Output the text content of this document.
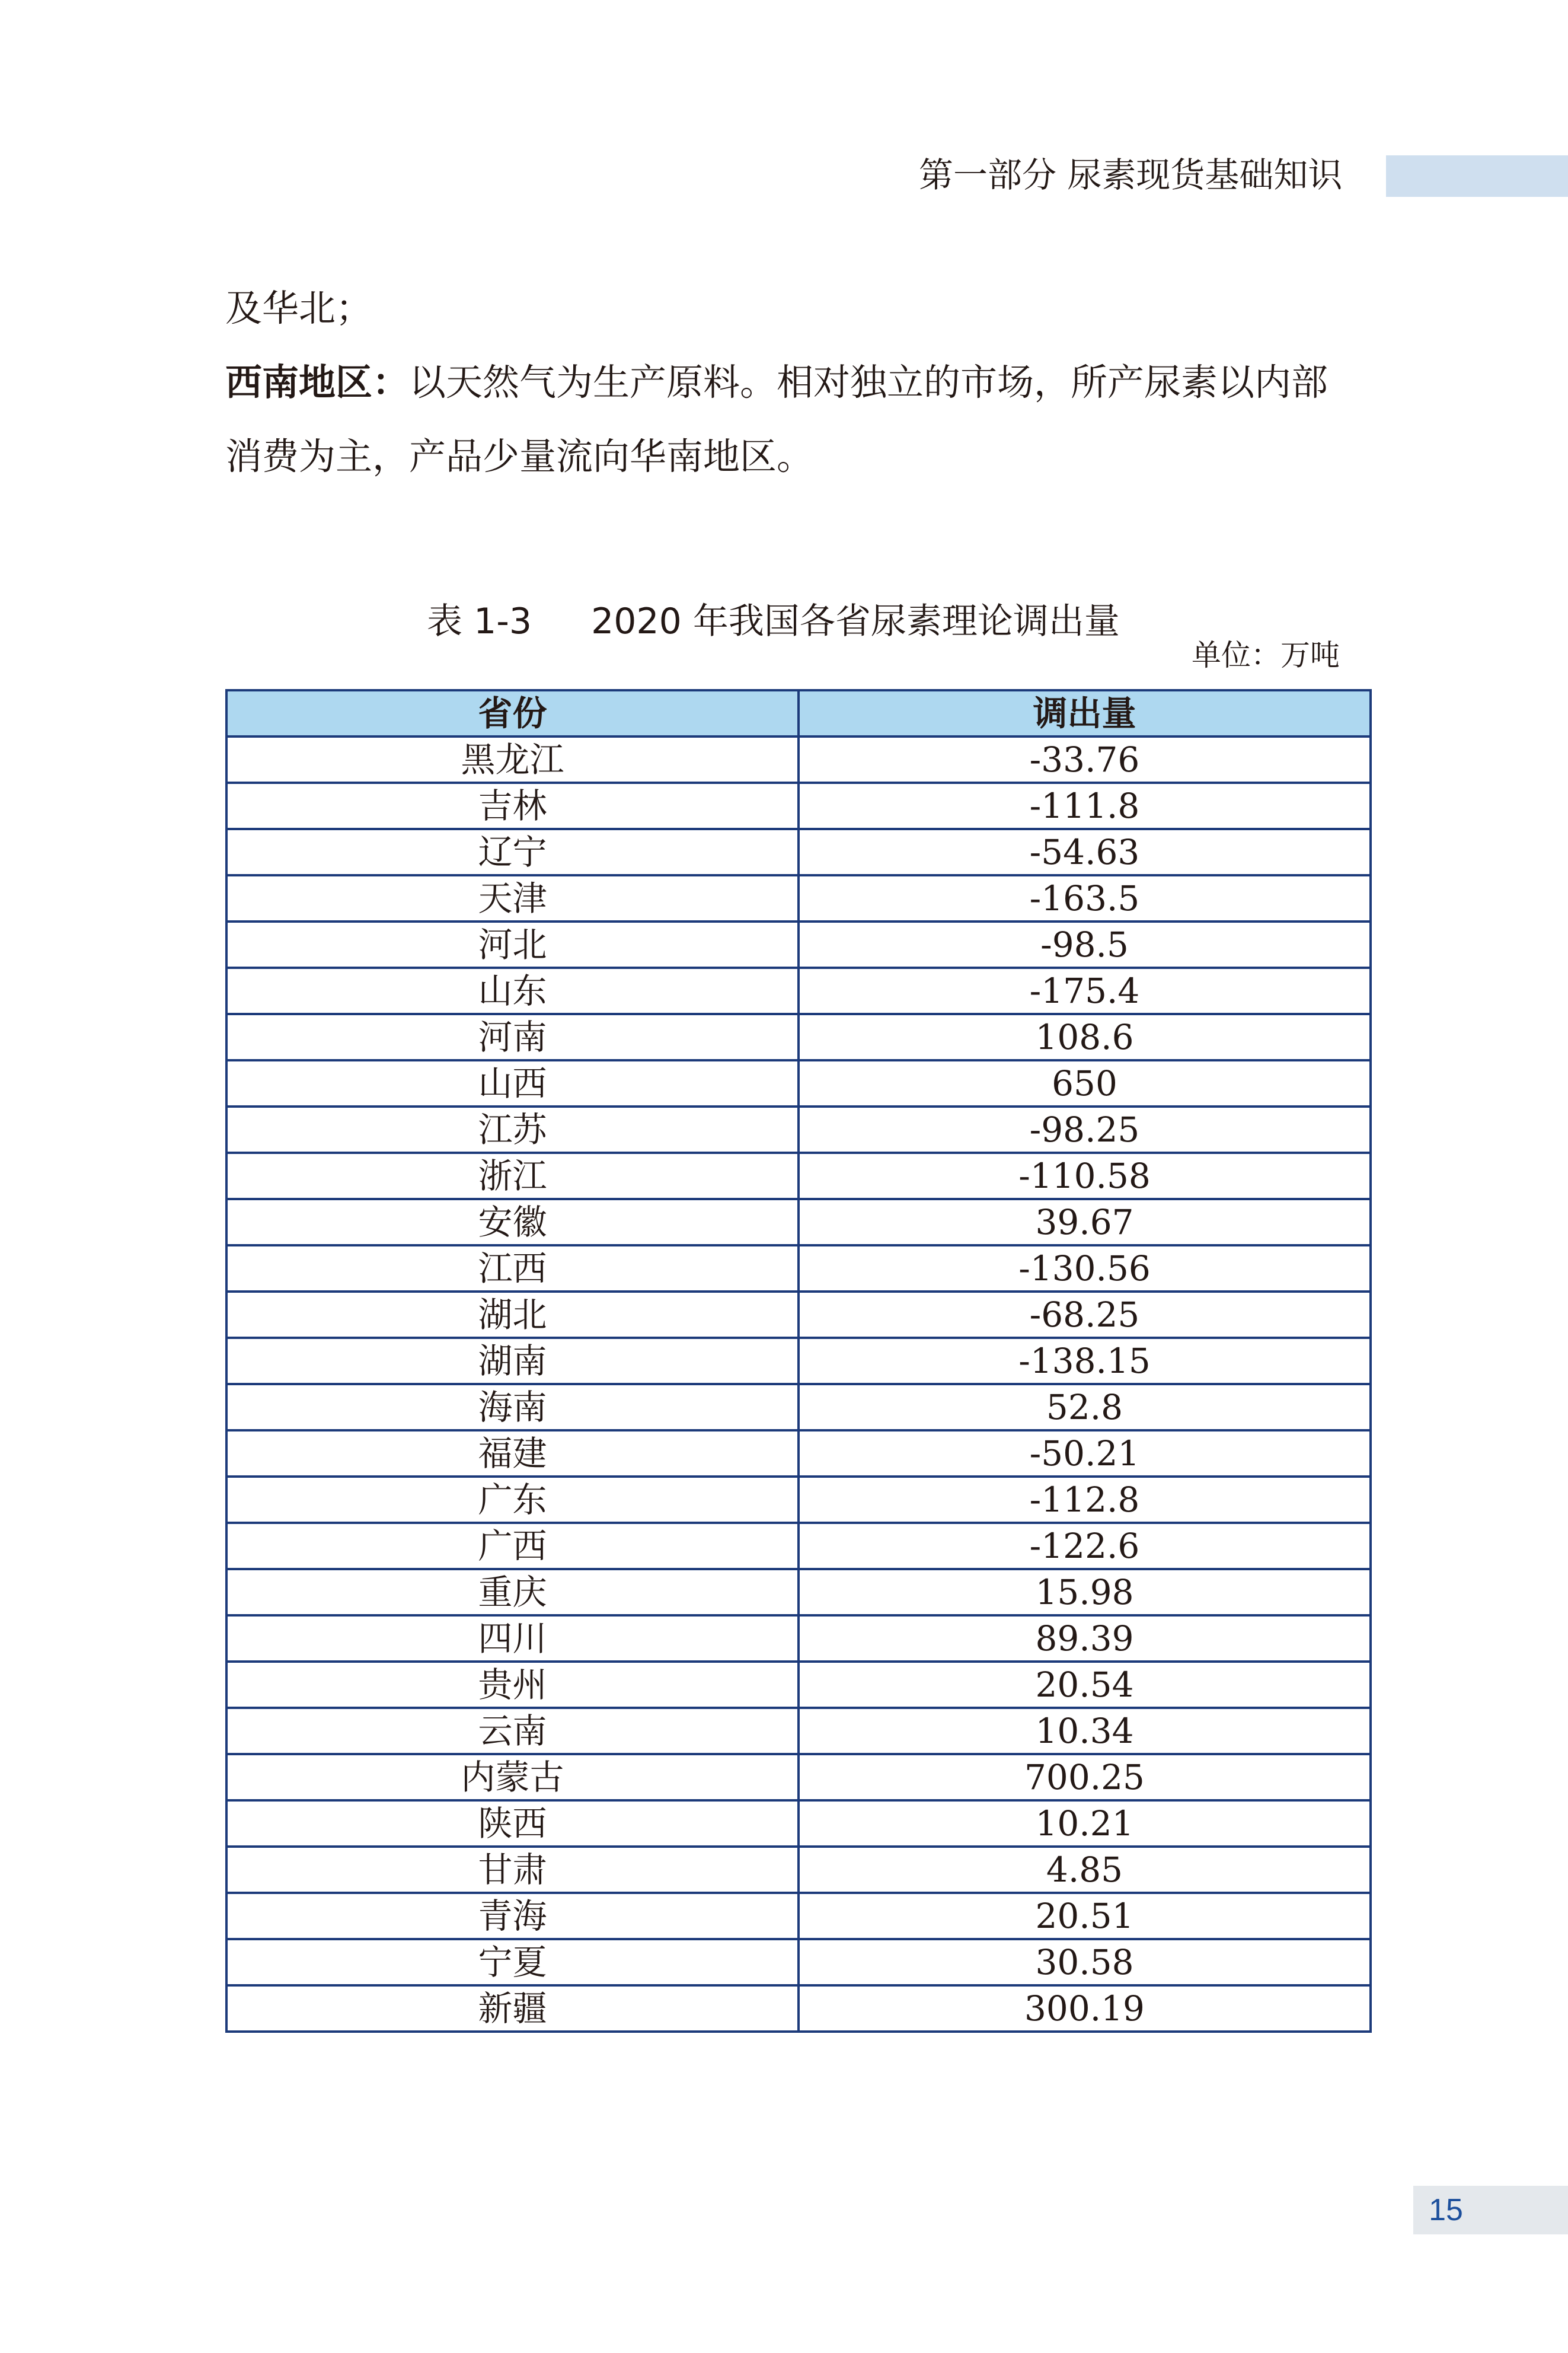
第一部分 尿素现货基础知识
及华北；
西南地区：以天然气为生产原料。相对独立的市场，所产尿素以内部
消费为主，产品少量流向华南地区。
表 1-3 2020 年我国各省尿素理论调出量
单位：万吨
省份	调出量
黑龙江	-33.76
吉林	-111.8
辽宁	-54.63
天津	-163.5
河北	-98.5
山东	-175.4
河南	108.6
山西	650
江苏	-98.25
浙江	-110.58
安徽	39.67
江西	-130.56
湖北	-68.25
湖南	-138.15
海南	52.8
福建	-50.21
广东	-112.8
广西	-122.6
重庆	15.98
四川	89.39
贵州	20.54
云南	10.34
内蒙古	700.25
陕西	10.21
甘肃	4.85
青海	20.51
宁夏	30.58
新疆	300.19
15
